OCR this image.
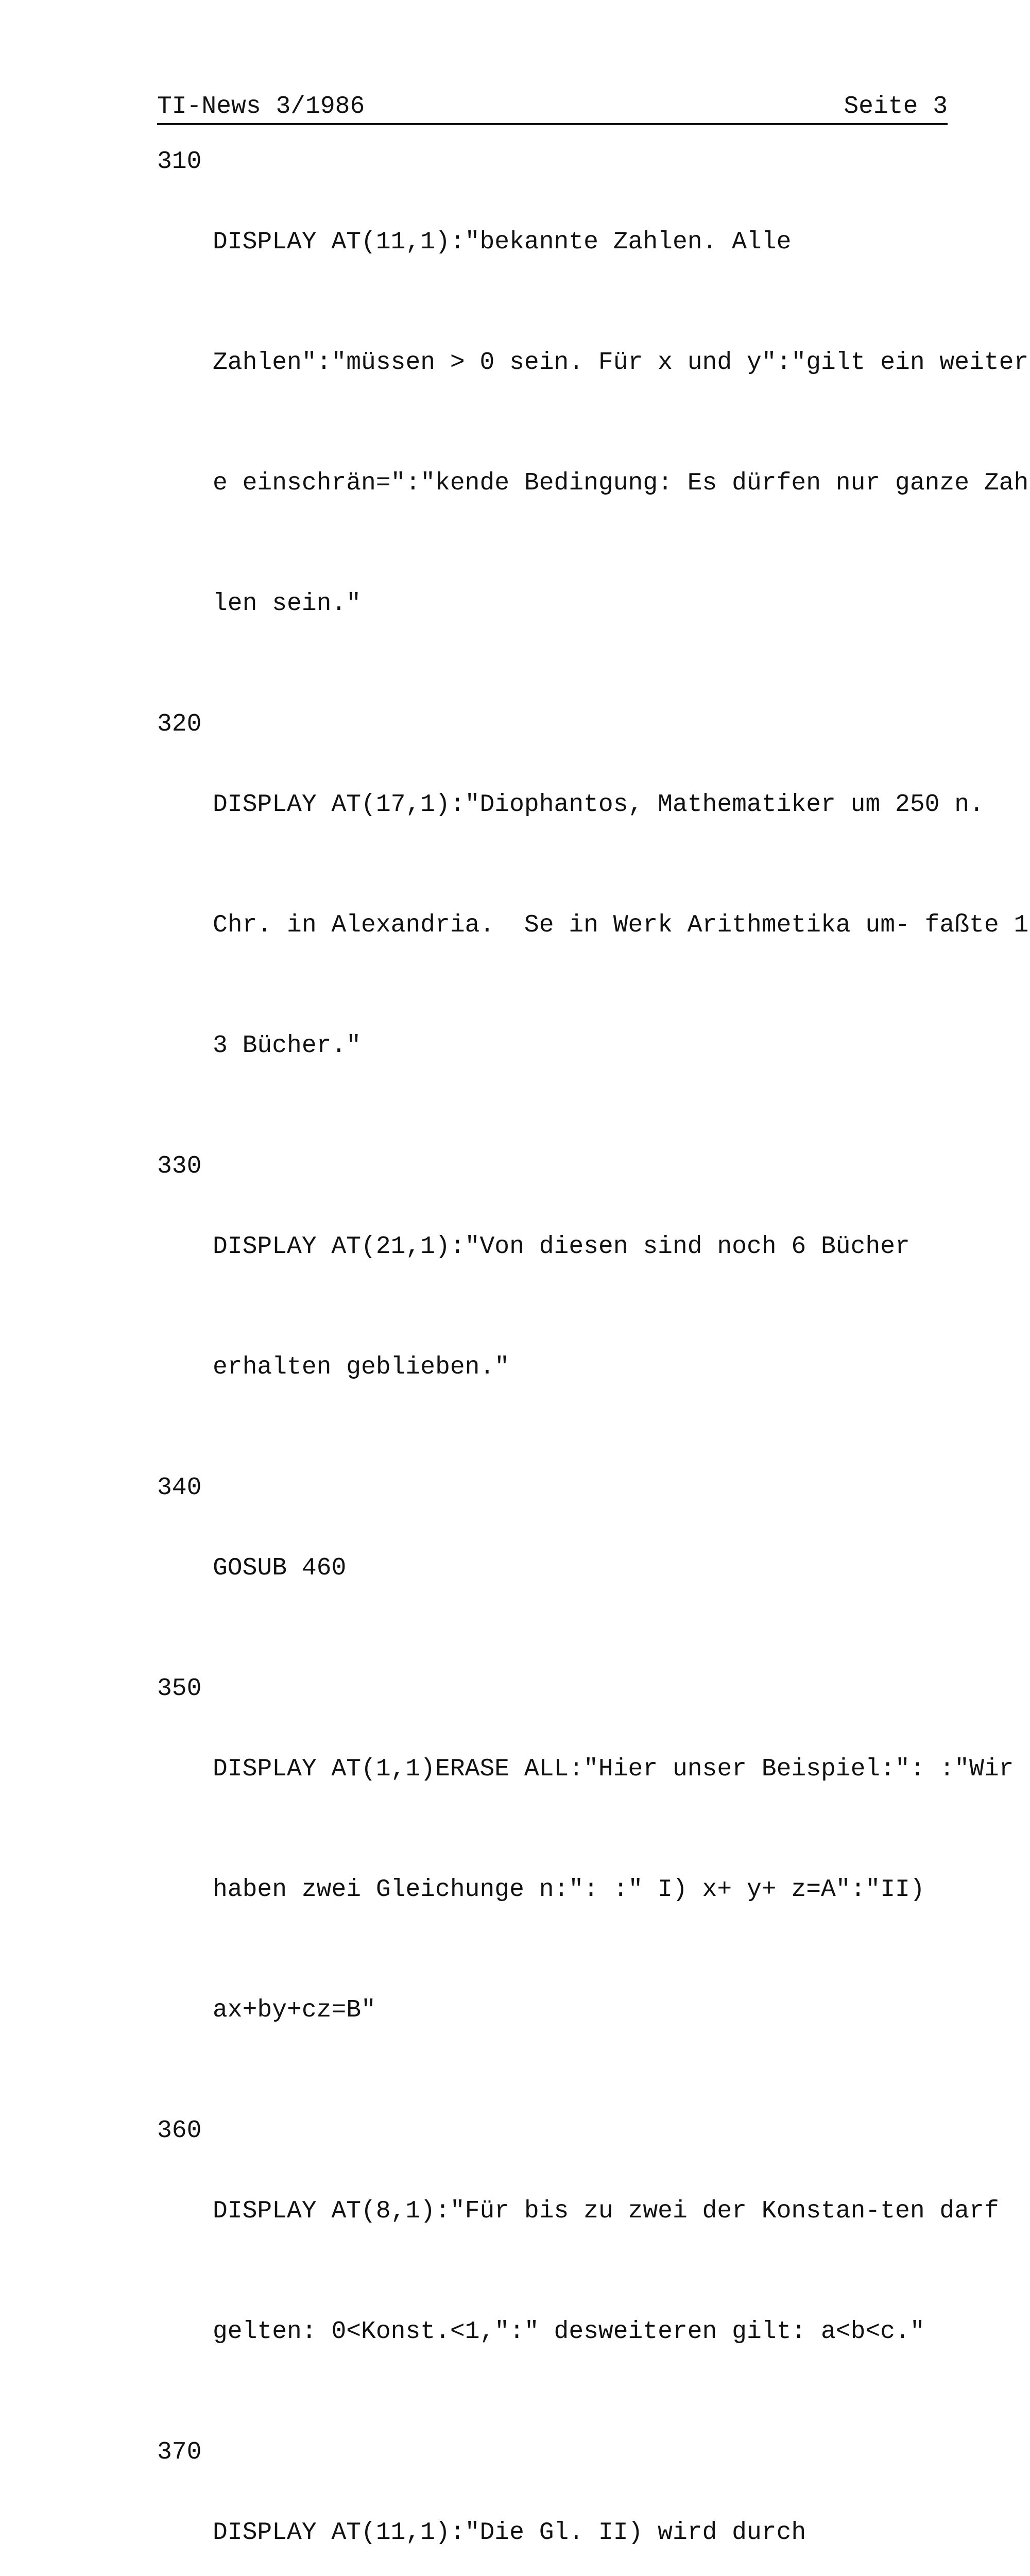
TI-News 3/1986	Seite 3
310

DISPLAY AT(11,1):"bekannte Zahlen. Alle

Zahlen":"müssen > 0 sein. Für x und y":"gilt ein weiter

e einschrän=":"kende Bedingung: Es dürfen nur ganze Zah

len sein."

320

DISPLAY AT(17,1):"Diophantos, Mathematiker um 250 n.

Chr. in Alexandria.  Se in Werk Arithmetika um- faßte 1

3 Bücher."

330

DISPLAY AT(21,1):"Von diesen sind noch 6 Bücher

erhalten geblieben."

340

GOSUB 460

350

DISPLAY AT(1,1)ERASE ALL:"Hier unser Beispiel:": :"Wir

haben zwei Gleichunge n:": :" I) x+ y+ z=A":"II)

ax+by+cz=B"

360

DISPLAY AT(8,1):"Für bis zu zwei der Konstan-ten darf

gelten: 0<Konst.<1,":" desweiteren gilt: a<b<c."

370

DISPLAY AT(11,1):"Die Gl. II) wird durch
